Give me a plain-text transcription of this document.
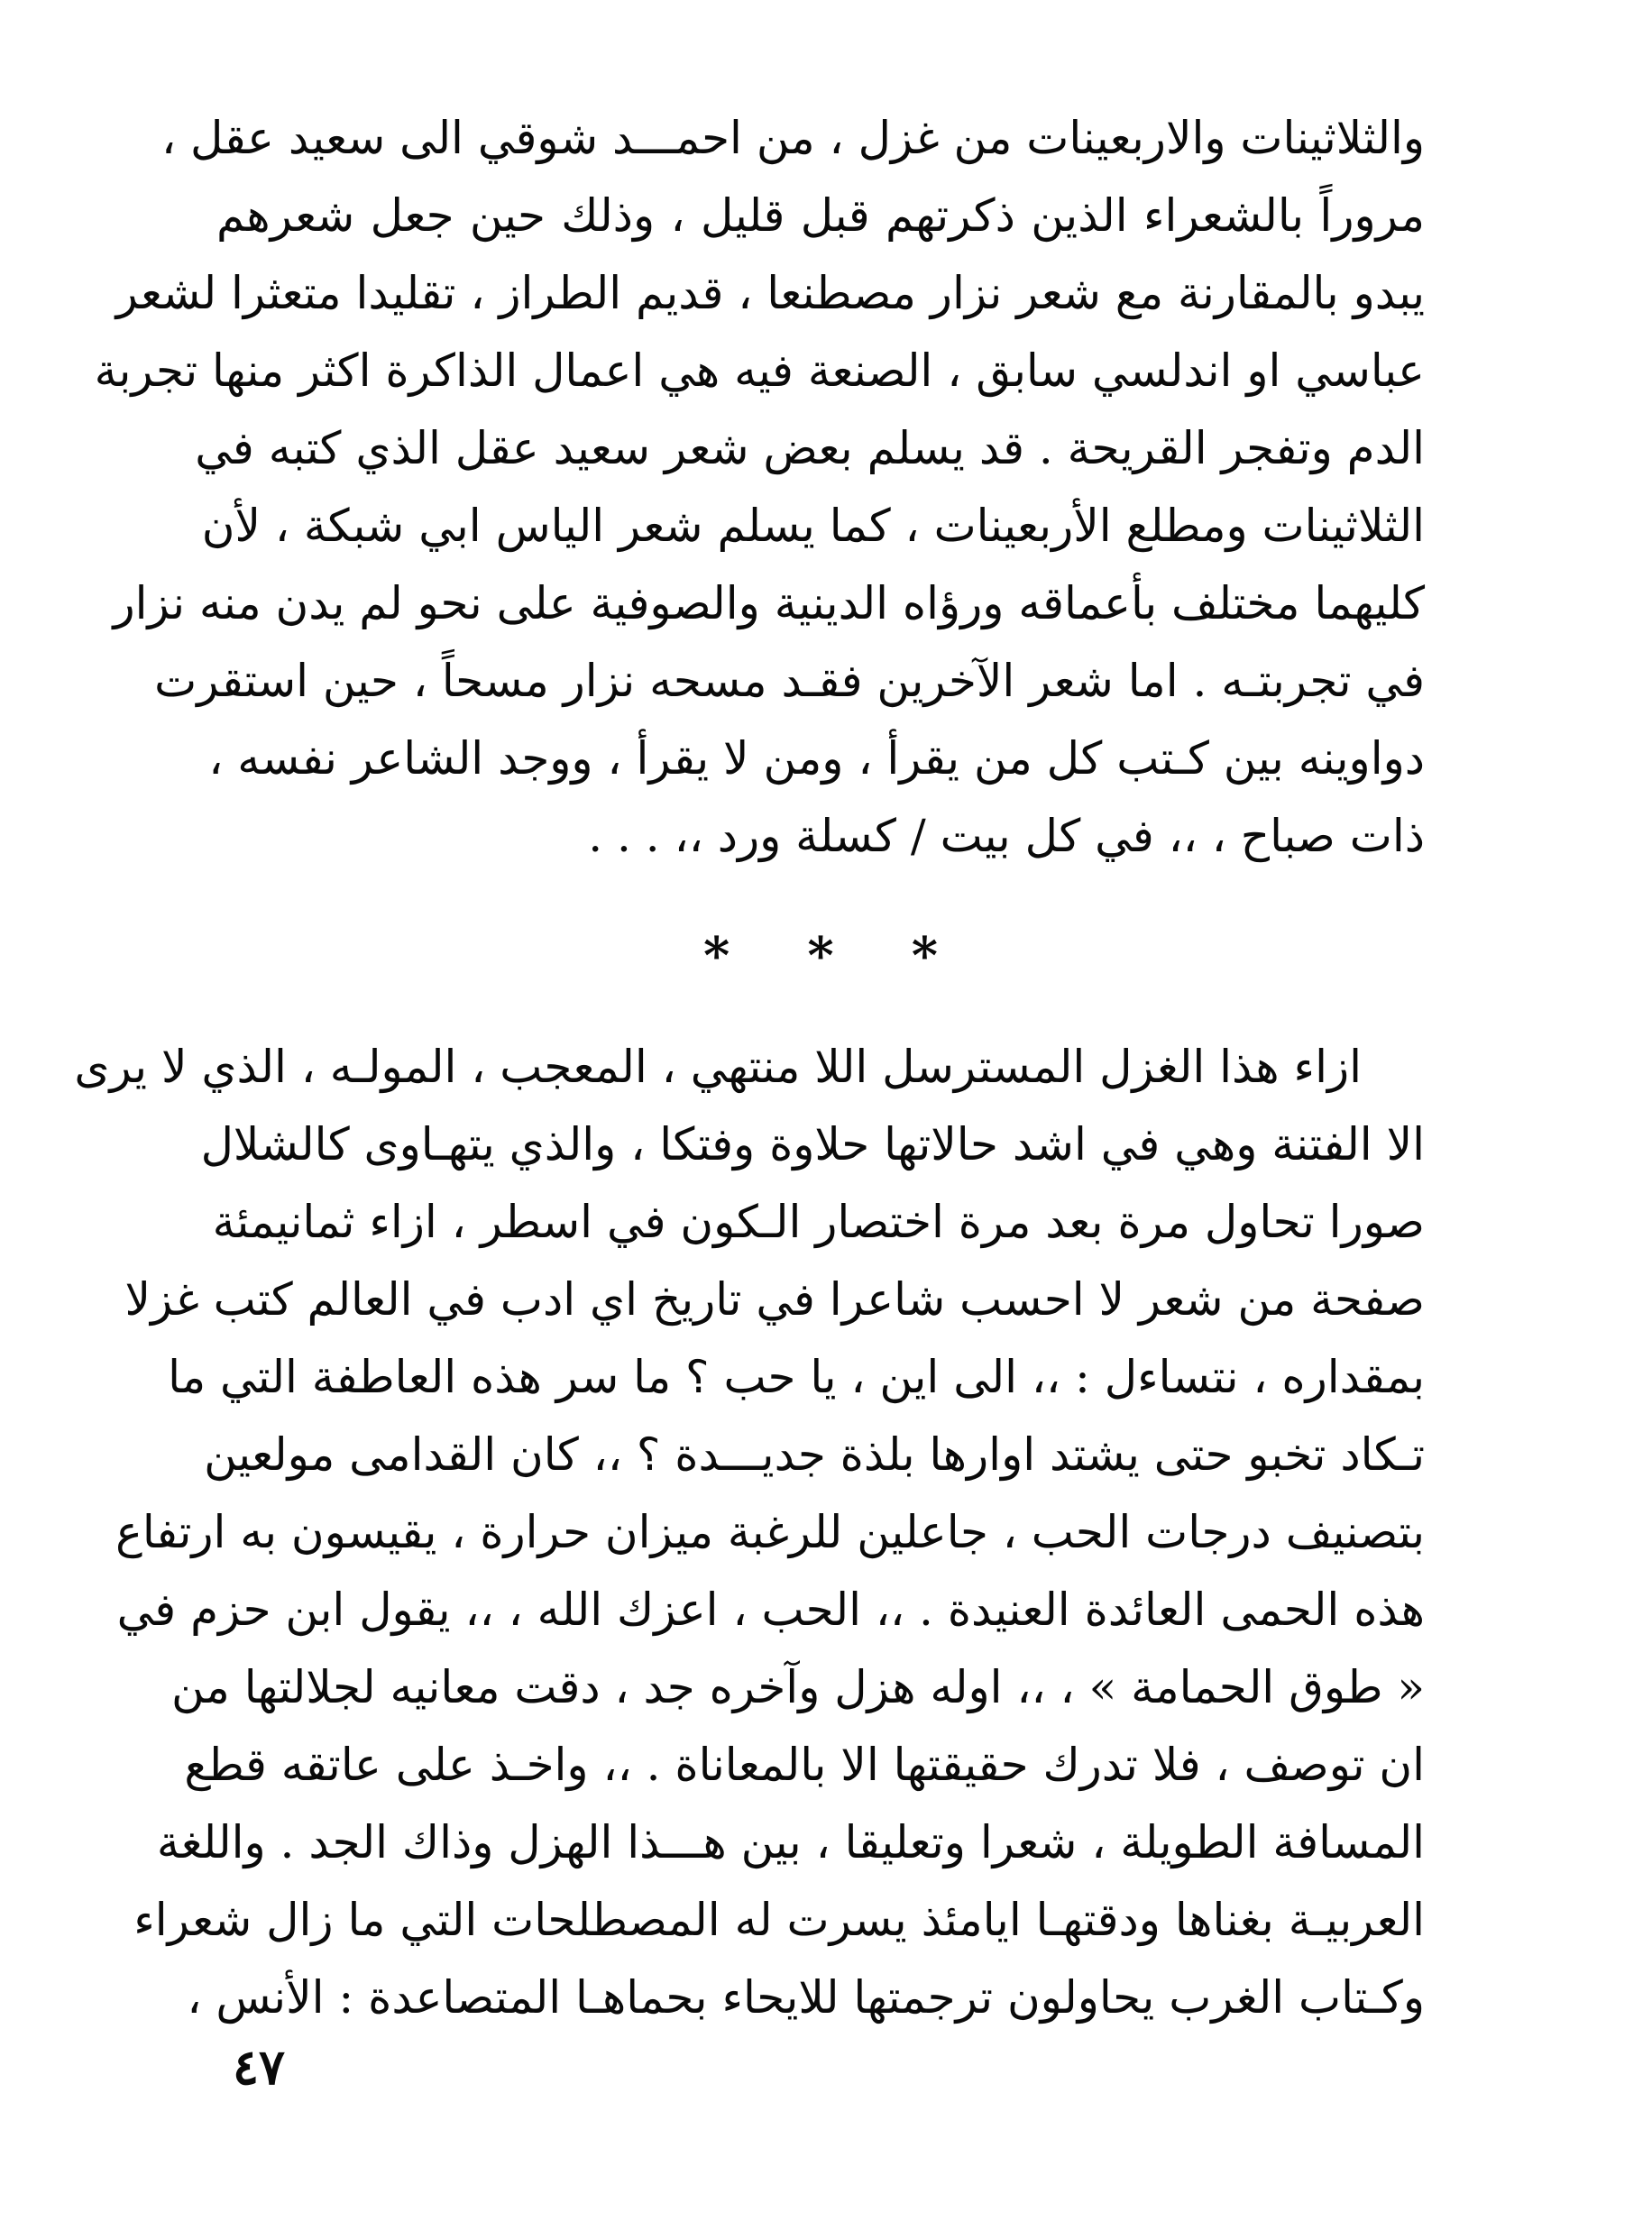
والثلاثينات والاربعينات من غزل ، من احمـــد شوقي الى سعيد عقل ،
مروراً بالشعراء الذين ذكرتهم قبل قليل ، وذلك حين جعل شعرهم
يبدو بالمقارنة مع شعر نزار مصطنعا ، قديم الطراز ، تقليدا متعثرا لشعر
عباسي او اندلسي سابق ، الصنعة فيه هي اعمال الذاكرة اكثر منها تجربة
الدم وتفجر القريحة . قد يسلم بعض شعر سعيد عقل الذي كتبه في
الثلاثينات ومطلع الأربعينات ، كما يسلم شعر الياس ابي شبكة ، لأن
كليهما مختلف بأعماقه ورؤاه الدينية والصوفية على نحو لم يدن منه نزار
في تجربتـه . اما شعر الآخرين فقـد مسحه نزار مسحاً ، حين استقرت
دواوينه بين كـتب كل من يقرأ ، ومن لا يقرأ ، ووجد الشاعر نفسه ،
ذات صباح ، ،، في كل بيت / كسلة ورد ،، . . .
* * *
ازاء هذا الغزل المسترسل اللا منتهي ، المعجب ، المولـه ، الذي لا يرى
الا الفتنة وهي في اشد حالاتها حلاوة وفتكا ، والذي يتهـاوى كالشلال
صورا تحاول مرة بعد مرة اختصار الـكون في اسطر ، ازاء ثمانيمئة
صفحة من شعر لا احسب شاعرا في تاريخ اي ادب في العالم كتب غزلا
بمقداره ، نتساءل : ،، الى اين ، يا حب ؟ ما سر هذه العاطفة التي ما
تـكاد تخبو حتى يشتد اوارها بلذة جديـــدة ؟ ،، كان القدامى مولعين
بتصنيف درجات الحب ، جاعلين للرغبة ميزان حرارة ، يقيسون به ارتفاع
هذه الحمى العائدة العنيدة . ،، الحب ، اعزك الله ، ،، يقول ابن حزم في
« طوق الحمامة » ، ،، اوله هزل وآخره جد ، دقت معانيه لجلالتها من
ان توصف ، فلا تدرك حقيقتها الا بالمعاناة . ،، واخـذ على عاتقه قطع
المسافة الطويلة ، شعرا وتعليقا ، بين هـــذا الهزل وذاك الجد . واللغة
العربيـة بغناها ودقتهـا ايامئذ يسرت له المصطلحات التي ما زال شعراء
وكـتاب الغرب يحاولون ترجمتها للايحاء بحماهـا المتصاعدة : الأنس ،
٤٧
